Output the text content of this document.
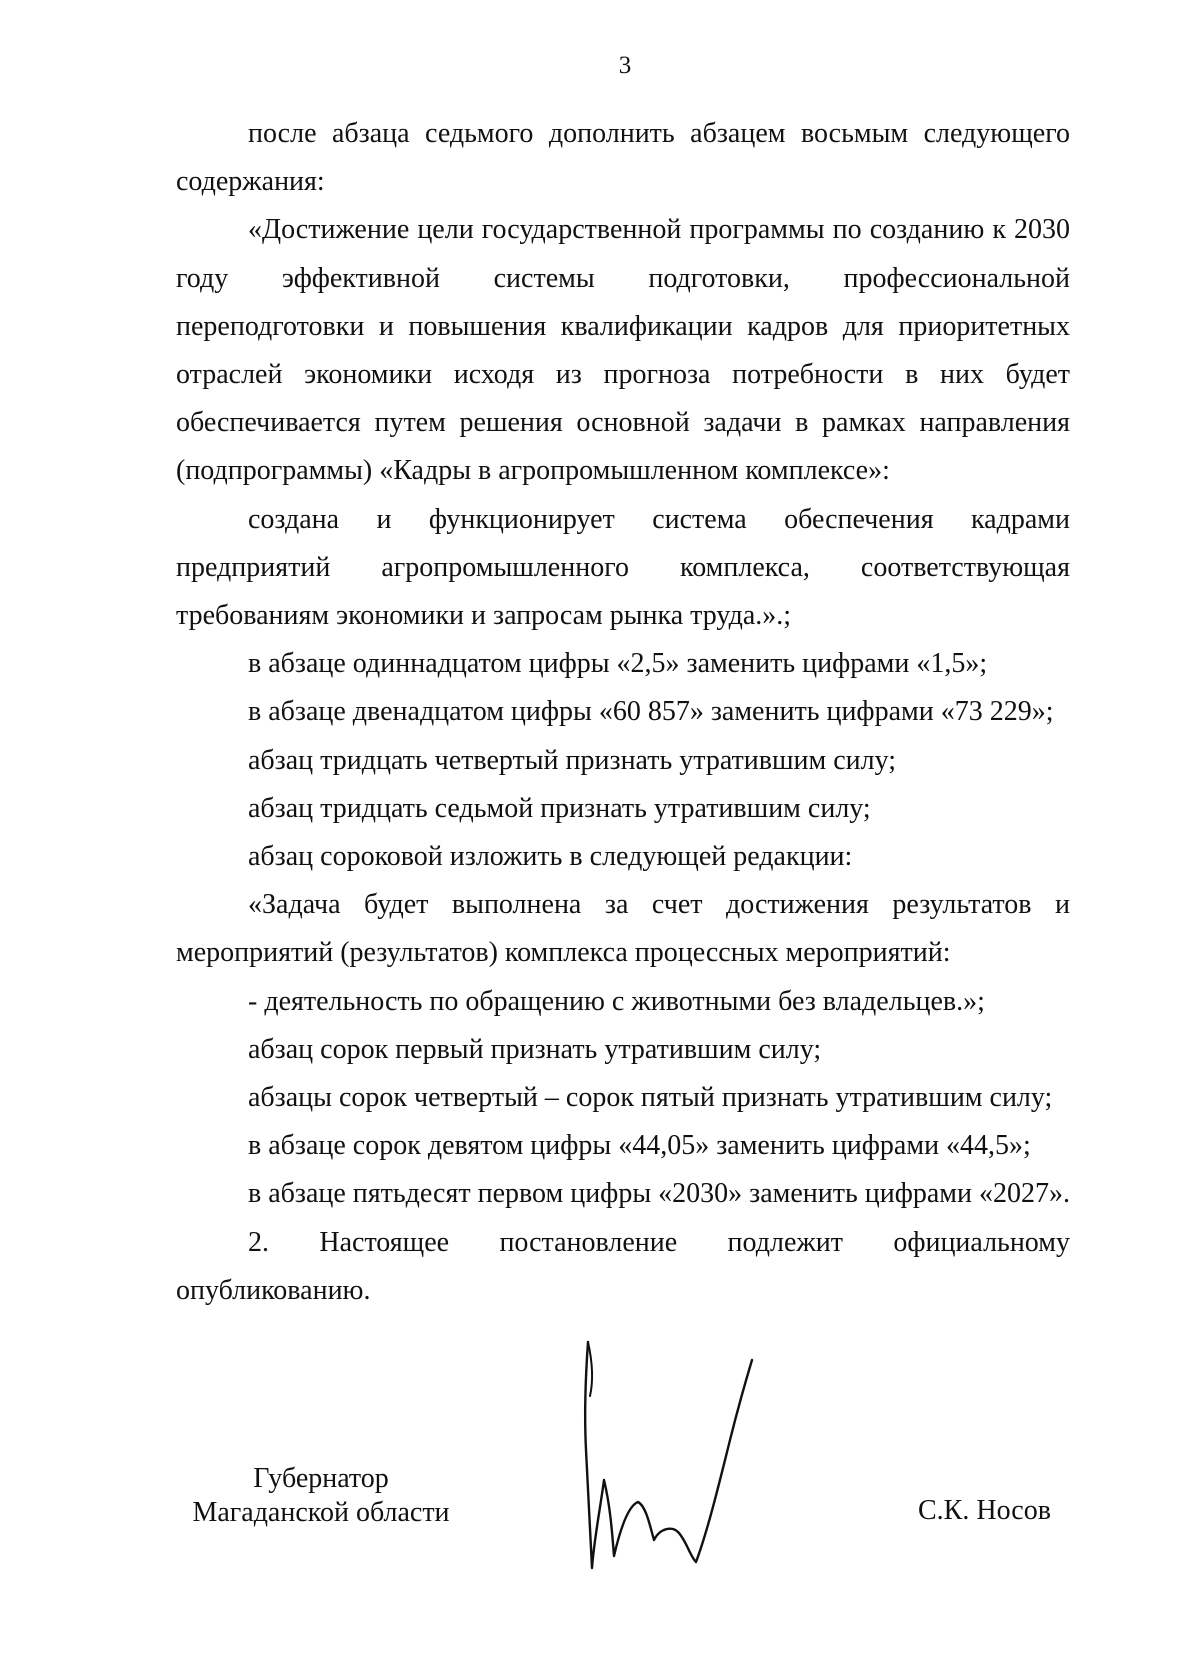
3

после абзаца седьмого дополнить абзацем восьмым следующего содержания:

«Достижение цели государственной программы по созданию к 2030 году эффективной системы подготовки, профессиональной переподготовки и повышения квалификации кадров для приоритетных отраслей экономики исходя из прогноза потребности в них будет обеспечивается путем решения основной задачи в рамках направления (подпрограммы) «Кадры в агропромышленном комплексе»:

создана и функционирует система обеспечения кадрами предприятий агропромышленного комплекса, соответствующая требованиям экономики и запросам рынка труда.».;

в абзаце одиннадцатом цифры «2,5» заменить цифрами «1,5»;

в абзаце двенадцатом цифры «60 857» заменить цифрами «73 229»;

абзац тридцать четвертый признать утратившим силу;

абзац тридцать седьмой признать утратившим силу;

абзац сороковой изложить в следующей редакции:

«Задача будет выполнена за счет достижения результатов и мероприятий (результатов) комплекса процессных мероприятий:

- деятельность по обращению с животными без владельцев.»;

абзац сорок первый признать утратившим силу;

абзацы сорок четвертый – сорок пятый признать утратившим силу;

в абзаце сорок девятом цифры «44,05» заменить цифрами «44,5»;

в абзаце пятьдесят первом цифры «2030» заменить цифрами «2027».

2. Настоящее постановление подлежит официальному опубликованию.

Губернатор
Магаданской области	С.К. Носов
